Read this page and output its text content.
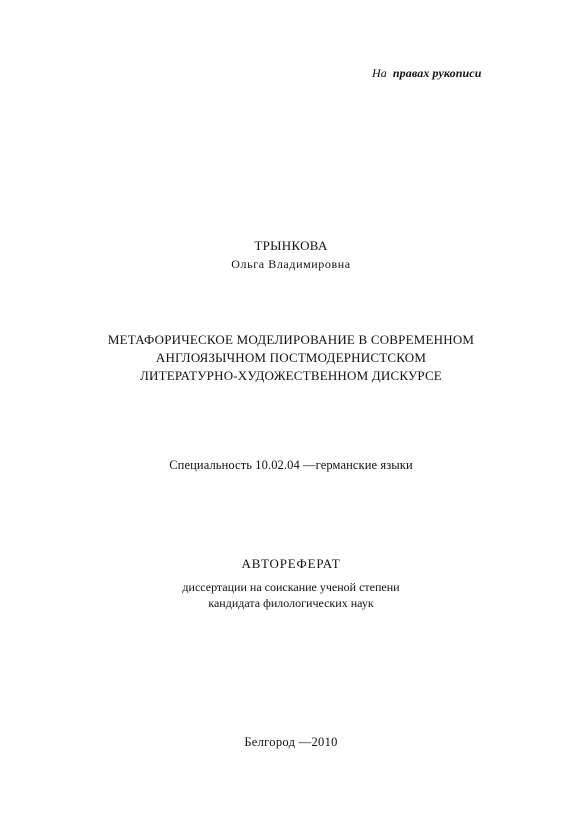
На правах рукописи
ТРЫНКОВА
Ольга Владимировна
МЕТАФОРИЧЕСКОЕ МОДЕЛИРОВАНИЕ В СОВРЕМЕННОМ
АНГЛОЯЗЫЧНОМ ПОСТМОДЕРНИСТСКОМ
ЛИТЕРАТУРНО-ХУДОЖЕСТВЕННОМ ДИСКУРСЕ
Специальность 10.02.04 —германские языки
АВТОРЕФЕРАТ
диссертации на соискание ученой степени
кандидата филологических наук
Белгород —2010
